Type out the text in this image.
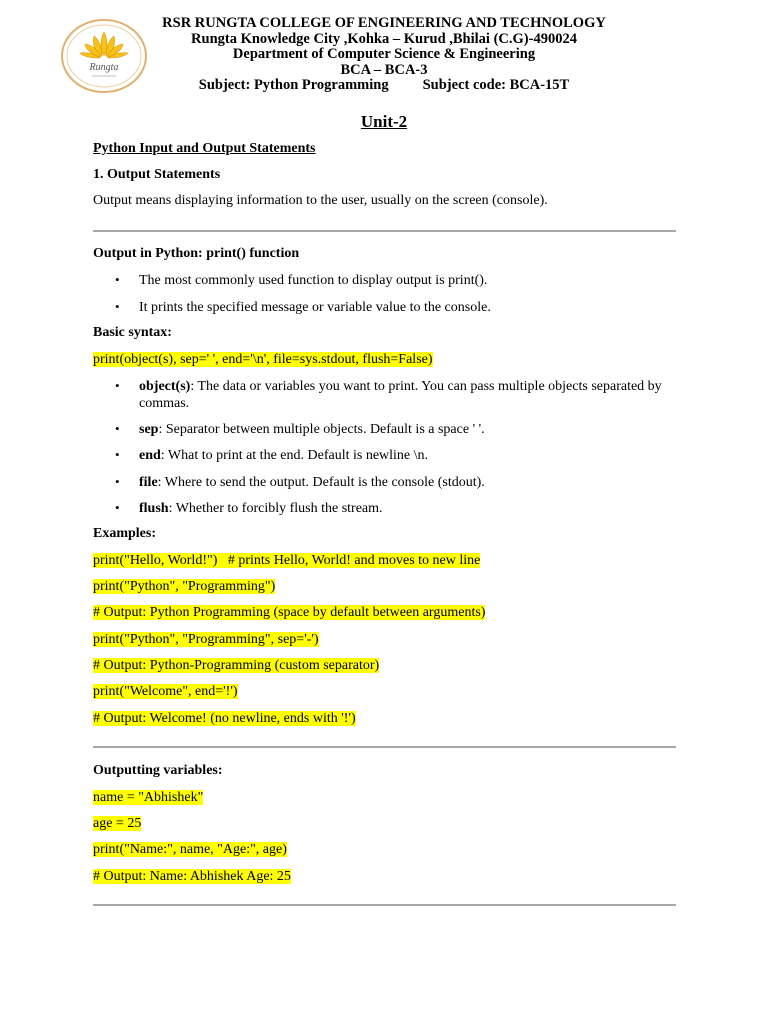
Rungta
RSR RUNGTA COLLEGE OF ENGINEERING AND TECHNOLOGY
Rungta Knowledge City ,Kohka – Kurud ,Bhilai (C.G)-490024
Department of Computer Science & Engineering
BCA – BCA-3
Subject: Python Programming Subject code: BCA-15T
Unit-2
Python Input and Output Statements
1. Output Statements
Output means displaying information to the user, usually on the screen (console).
Output in Python: print() function
• The most commonly used function to display output is print().
• It prints the specified message or variable value to the console.
Basic syntax:
print(object(s), sep=' ', end='\n', file=sys.stdout, flush=False)
• object(s): The data or variables you want to print. You can pass multiple objects separated by commas.
• sep: Separator between multiple objects. Default is a space ' '.
• end: What to print at the end. Default is newline \n.
• file: Where to send the output. Default is the console (stdout).
• flush: Whether to forcibly flush the stream.
Examples:
print("Hello, World!")   # prints Hello, World! and moves to new line
print("Python", "Programming")
# Output: Python Programming (space by default between arguments)
print("Python", "Programming", sep='-')
# Output: Python-Programming (custom separator)
print("Welcome", end='!')
# Output: Welcome! (no newline, ends with '!')
Outputting variables:
name = "Abhishek"
age = 25
print("Name:", name, "Age:", age)
# Output: Name: Abhishek Age: 25
